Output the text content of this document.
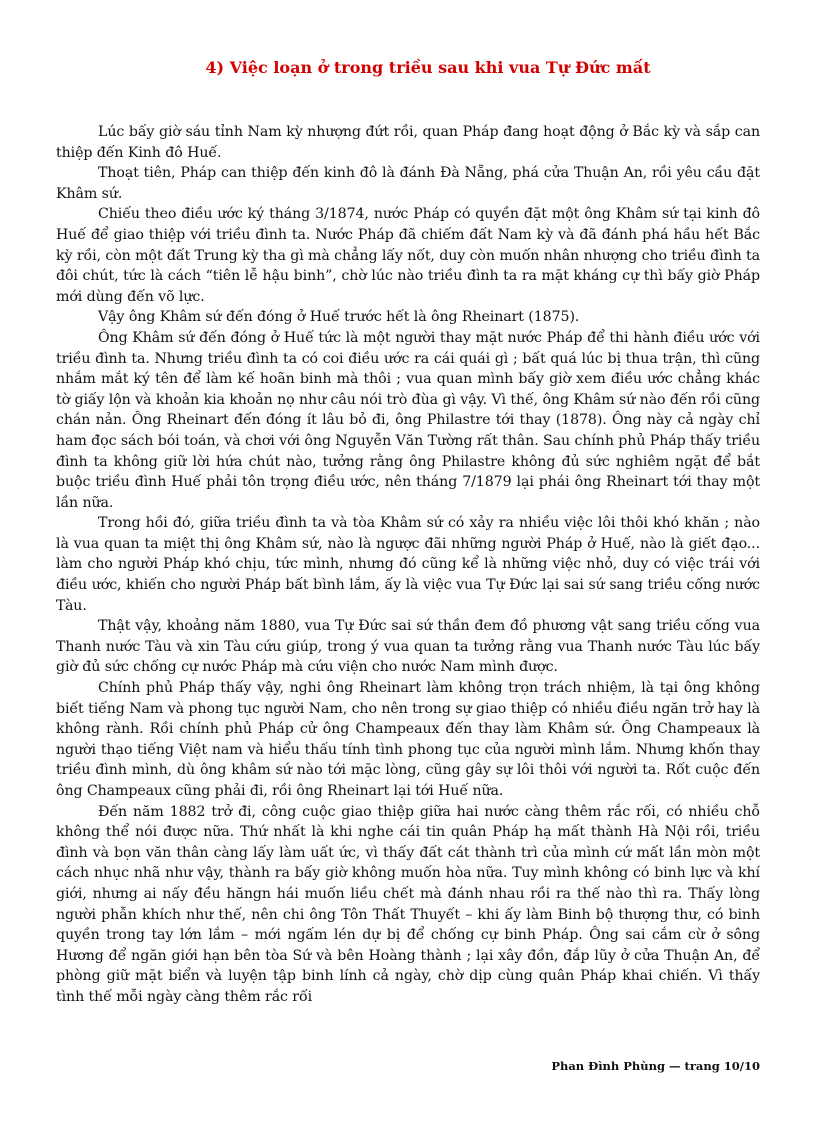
4) Việc loạn ở trong triều sau khi vua Tự Đức mất

Lúc bấy giờ sáu tỉnh Nam kỳ nhượng đứt rồi, quan Pháp đang hoạt động ở Bắc kỳ và sắp can thiệp đến Kinh đô Huế.

Thoạt tiên, Pháp can thiệp đến kinh đô là đánh Đà Nẵng, phá cửa Thuận An, rồi yêu cầu đặt Khâm sứ.

Chiếu theo điều ước ký tháng 3/1874, nước Pháp có quyền đặt một ông Khâm sứ tại kinh đô Huế để giao thiệp với triều đình ta. Nước Pháp đã chiếm đất Nam kỳ và đã đánh phá hầu hết Bắc kỳ rồi, còn một đất Trung kỳ tha gì mà chẳng lấy nốt, duy còn muốn nhân nhượng cho triều đình ta đôi chút, tức là cách “tiên lễ hậu binh”, chờ lúc nào triều đình ta ra mặt kháng cự thì bấy giờ Pháp mới dùng đến võ lực.

Vậy ông Khâm sứ đến đóng ở Huế trước hết là ông Rheinart (1875).

Ông Khâm sứ đến đóng ở Huế tức là một người thay mặt nước Pháp để thi hành điều ước với triều đình ta. Nhưng triều đình ta có coi điều ước ra cái quái gì ; bất quá lúc bị thua trận, thì cũng nhắm mắt ký tên để làm kế hoãn binh mà thôi ; vua quan mình bấy giờ xem điều ước chẳng khác tờ giấy lộn và khoản kia khoản nọ như câu nói trò đùa gì vậy. Vì thế, ông Khâm sứ nào đến rồi cũng chán nản. Ông Rheinart đến đóng ít lâu bỏ đi, ông Philastre tới thay (1878). Ông này cả ngày chỉ ham đọc sách bói toán, và chơi với ông Nguyễn Văn Tường rất thân. Sau chính phủ Pháp thấy triều đình ta không giữ lời hứa chút nào, tưởng rằng ông Philastre không đủ sức nghiêm ngặt để bắt buộc triều đình Huế phải tôn trọng điều ước, nên tháng 7/1879 lại phái ông Rheinart tới thay một lần nữa.

Trong hồi đó, giữa triều đình ta và tòa Khâm sứ có xảy ra nhiều việc lôi thôi khó khăn ; nào là vua quan ta miệt thị ông Khâm sứ, nào là ngược đãi những người Pháp ở Huế, nào là giết đạo... làm cho người Pháp khó chịu, tức mình, nhưng đó cũng kể là những việc nhỏ, duy có việc trái với điều ước, khiến cho người Pháp bất bình lắm, ấy là việc vua Tự Đức lại sai sứ sang triều cống nước Tàu.

Thật vậy, khoảng năm 1880, vua Tự Đức sai sứ thần đem đồ phương vật sang triều cống vua Thanh nước Tàu và xin Tàu cứu giúp, trong ý vua quan ta tưởng rằng vua Thanh nước Tàu lúc bấy giờ đủ sức chống cự nước Pháp mà cứu viện cho nước Nam mình được.

Chính phủ Pháp thấy vậy, nghi ông Rheinart làm không trọn trách nhiệm, là tại ông không biết tiếng Nam và phong tục người Nam, cho nên trong sự giao thiệp có nhiều điều ngăn trở hay là không rành. Rồi chính phủ Pháp cử ông Champeaux đến thay làm Khâm sứ. Ông Champeaux là người thạo tiếng Việt nam và hiểu thấu tính tình phong tục của người mình lắm. Nhưng khốn thay triều đình mình, dù ông khâm sứ nào tới mặc lòng, cũng gây sự lôi thôi với người ta. Rốt cuộc đến ông Champeaux cũng phải đi, rồi ông Rheinart lại tới Huế nữa.

Đến năm 1882 trở đi, công cuộc giao thiệp giữa hai nước càng thêm rắc rối, có nhiều chỗ không thể nói được nữa. Thứ nhất là khi nghe cái tin quân Pháp hạ mất thành Hà Nội rồi, triều đình và bọn văn thân càng lấy làm uất ức, vì thấy đất cát thành trì của mình cứ mất lần mòn một cách nhục nhã như vậy, thành ra bấy giờ không muốn hòa nữa. Tuy mình không có binh lực và khí giới, nhưng ai nấy đều hăngn hái muốn liều chết mà đánh nhau rồi ra thế nào thì ra. Thấy lòng người phẫn khích như thế, nên chi ông Tôn Thất Thuyết – khi ấy làm Binh bộ thượng thư, có binh quyền trong tay lớn lắm – mới ngấm lén dự bị để chống cự binh Pháp. Ông sai cắm cừ ở sông Hương để ngăn giới hạn bên tòa Sứ và bên Hoàng thành ; lại xây đồn, đắp lũy ở cửa Thuận An, để phòng giữ mặt biển và luyện tập binh lính cả ngày, chờ dịp cùng quân Pháp khai chiến. Vì thấy tình thế mỗi ngày càng thêm rắc rối

Phan Đình Phùng — trang 10/10
